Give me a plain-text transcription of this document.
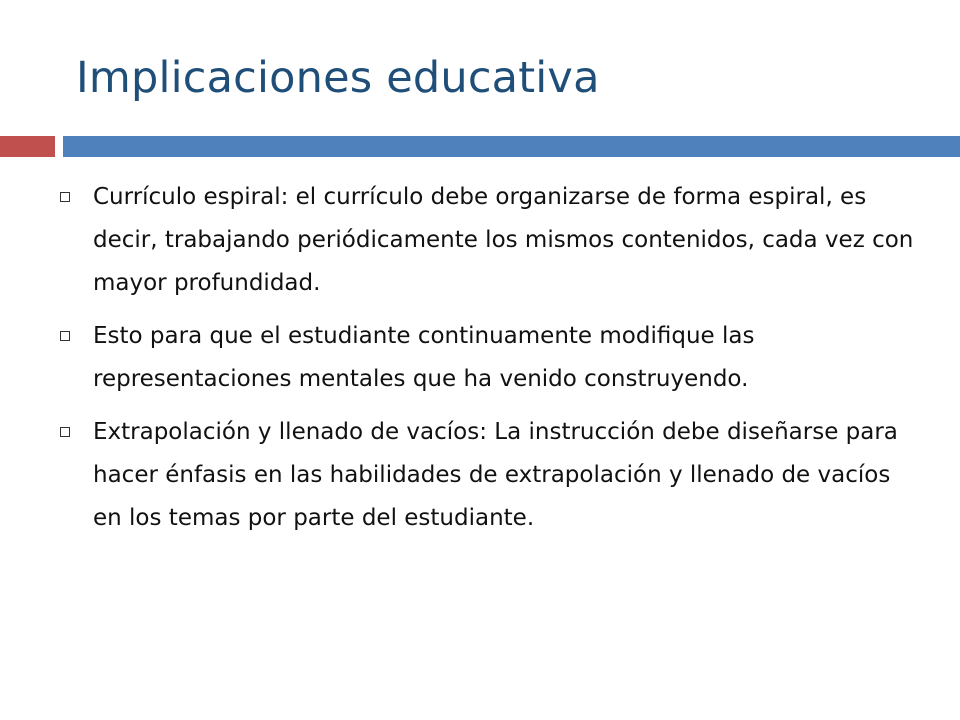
Implicaciones educativa
Currículo espiral: el currículo debe organizarse de forma espiral, es decir, trabajando periódicamente los mismos contenidos, cada vez con mayor profundidad.
Esto para que el estudiante continuamente modifique las representaciones mentales que ha venido construyendo.
Extrapolación y llenado de vacíos: La instrucción debe diseñarse para hacer énfasis en las habilidades de extrapolación y llenado de vacíos en los temas por parte del estudiante.
